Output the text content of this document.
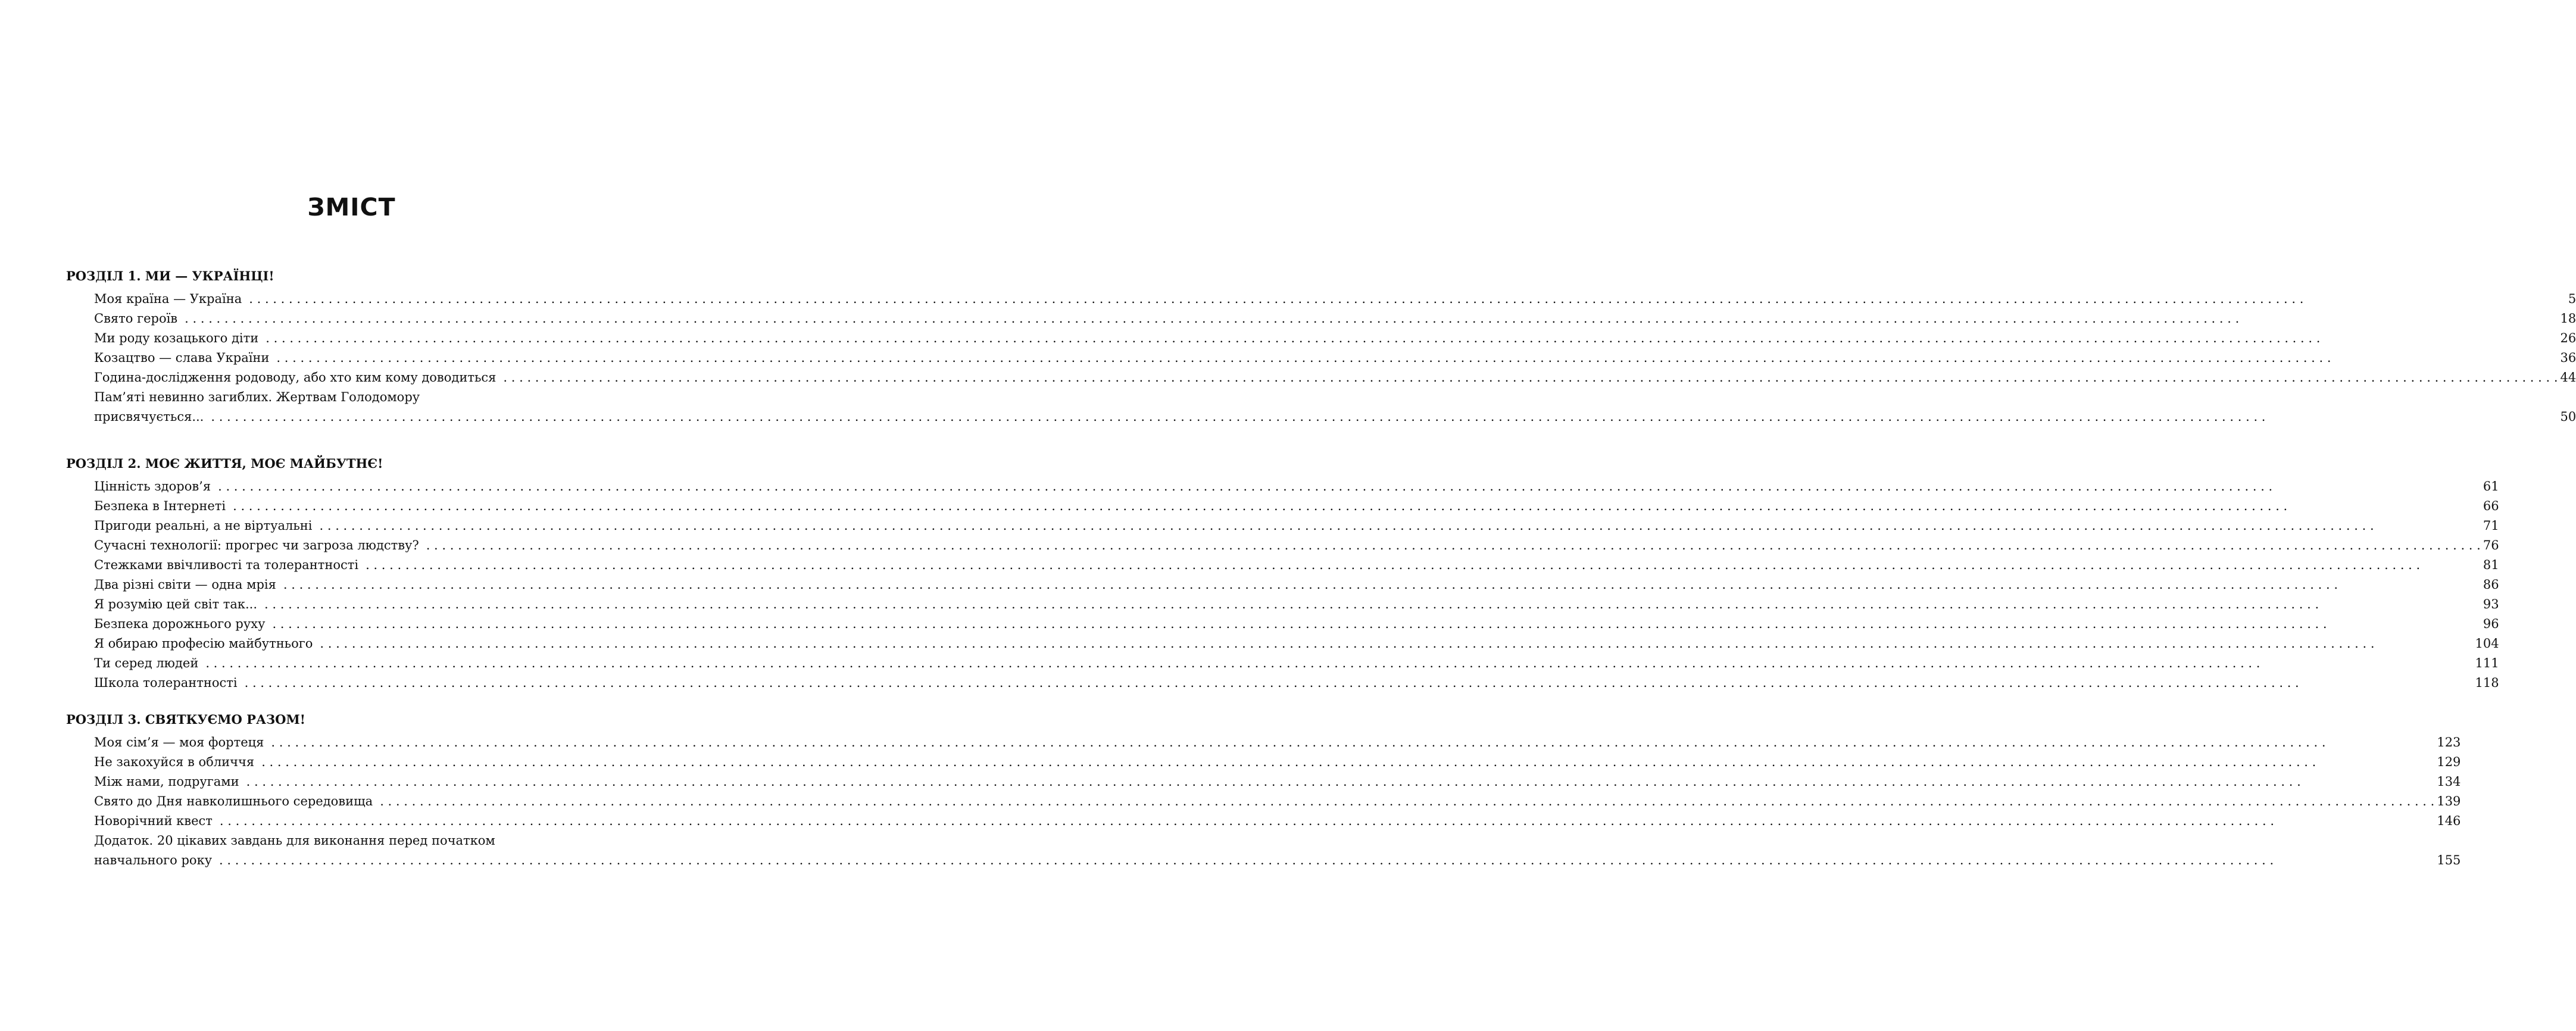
ЗМІСТ
РОЗДІЛ 1. МИ — УКРАЇНЦІ!
Моя країна — Україна . . .	5
Свято героїв . . .	18
Ми роду козацького діти . . .	26
Козацтво — слава України . . .	36
Година-дослідження родоводу, або хто ким кому доводиться . . .	44
Пам’яті невинно загиблих. Жертвам Голодомору
присвячується... . . .	50
РОЗДІЛ 2. МОЄ ЖИТТЯ, МОЄ МАЙБУТНЄ!
Цінність здоров’я . . .	61
Безпека в Інтернеті . . .	66
Пригоди реальні, а не віртуальні . . .	71
Сучасні технології: прогрес чи загроза людству? . . .	76
Стежками ввічливості та толерантності . . .	81
Два різні світи — одна мрія . . .	86
Я розумію цей світ так... . . .	93
Безпека дорожнього руху . . .	96
Я обираю професію майбутнього . . .	104
Ти серед людей . . .	111
Школа толерантності . . .	118
РОЗДІЛ 3. СВЯТКУЄМО РАЗОМ!
Моя сім’я — моя фортеця . . .	123
Не закохуйся в обличчя . . .	129
Між нами, подругами . . .	134
Свято до Дня навколишнього середовища . . .	139
Новорічний квест . . .	146
Додаток. 20 цікавих завдань для виконання перед початком
навчального року . . .	155
